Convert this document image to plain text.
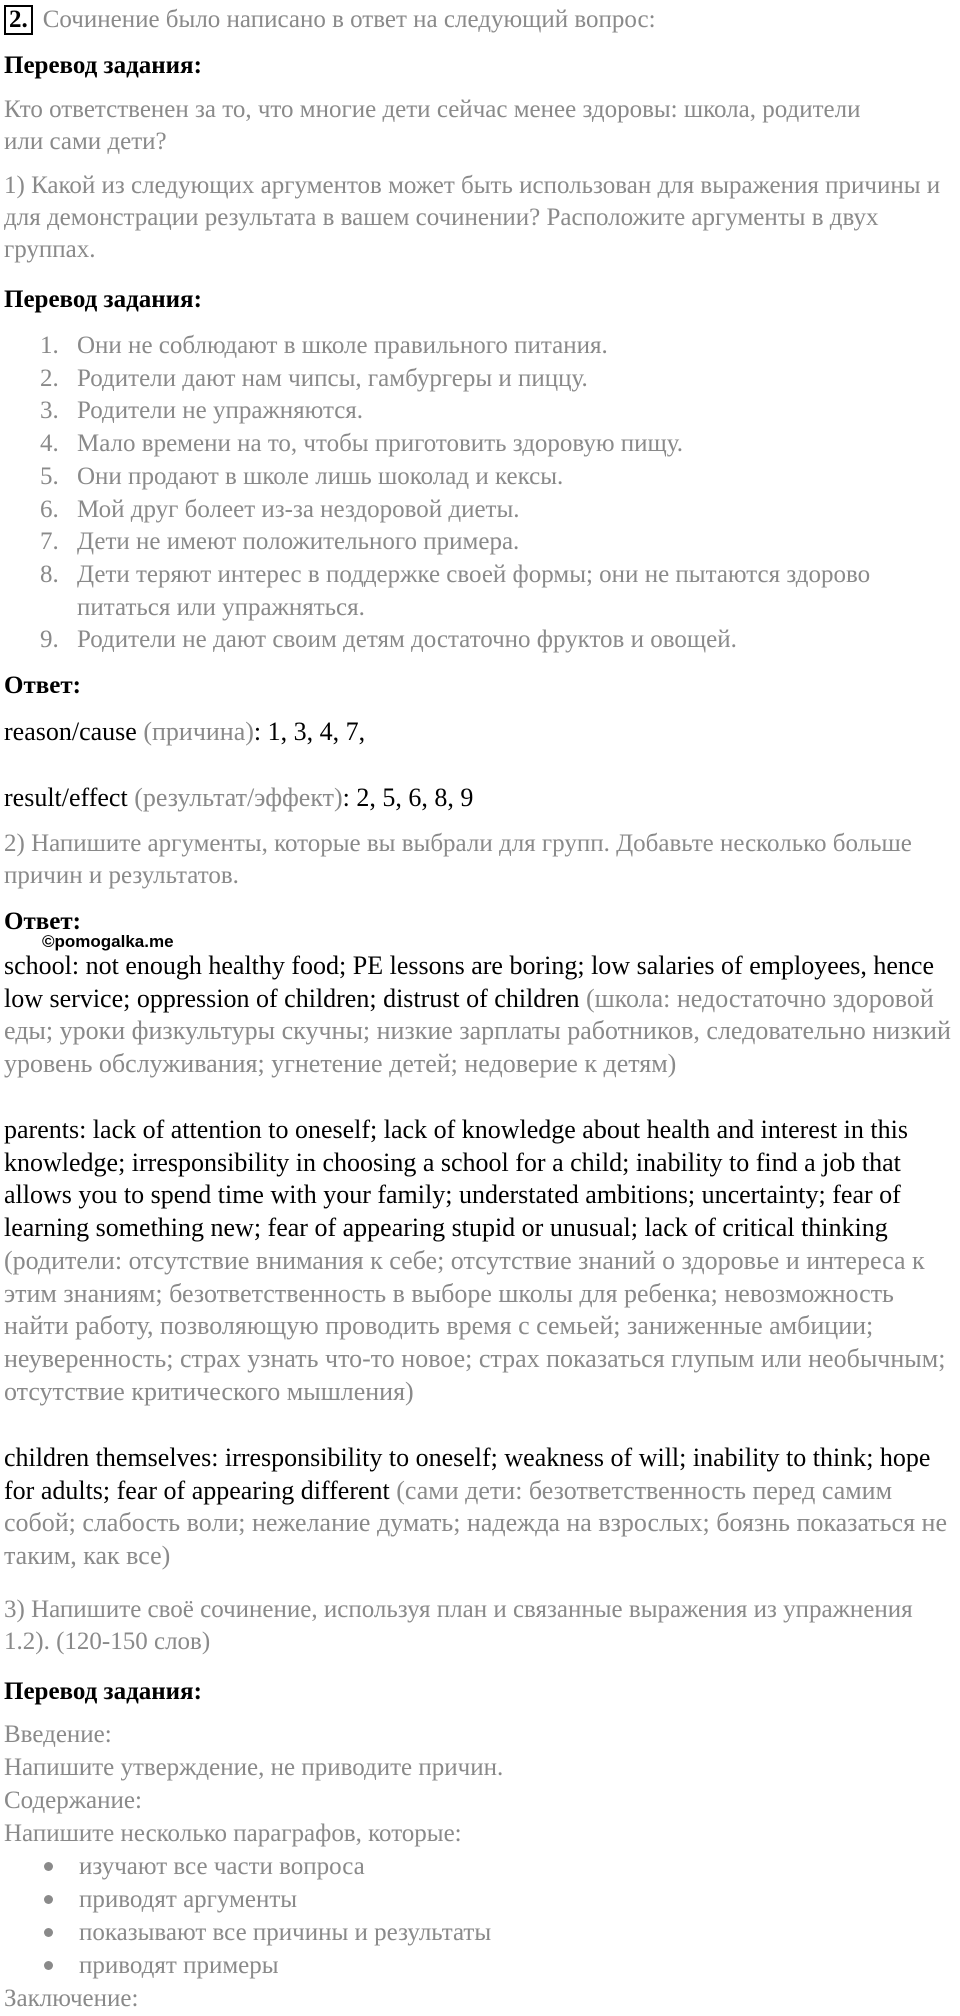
2. Сочинение было написано в ответ на следующий вопрос:

Перевод задания:

Кто ответственен за то, что многие дети сейчас менее здоровы: школа, родители или сами дети?

1) Какой из следующих аргументов может быть использован для выражения причины и для демонстрации результата в вашем сочинении? Расположите аргументы в двух группах.

Перевод задания:

1. Они не соблюдают в школе правильного питания.
2. Родители дают нам чипсы, гамбургеры и пиццу.
3. Родители не упражняются.
4. Мало времени на то, чтобы приготовить здоровую пищу.
5. Они продают в школе лишь шоколад и кексы.
6. Мой друг болеет из-за нездоровой диеты.
7. Дети не имеют положительного примера.
8. Дети теряют интерес в поддержке своей формы; они не пытаются здорово питаться или упражняться.
9. Родители не дают своим детям достаточно фруктов и овощей.

Ответ:

reason/cause (причина): 1, 3, 4, 7,

result/effect (результат/эффект): 2, 5, 6, 8, 9

2) Напишите аргументы, которые вы выбрали для групп. Добавьте несколько больше причин и результатов.

Ответ:

©pomogalka.me

school: not enough healthy food; PE lessons are boring; low salaries of employees, hence low service; oppression of children; distrust of children (школа: недостаточно здоровой еды; уроки физкультуры скучны; низкие зарплаты работников, следовательно низкий уровень обслуживания; угнетение детей; недоверие к детям)

parents: lack of attention to oneself; lack of knowledge about health and interest in this knowledge; irresponsibility in choosing a school for a child; inability to find a job that allows you to spend time with your family; understated ambitions; uncertainty; fear of learning something new; fear of appearing stupid or unusual; lack of critical thinking (родители: отсутствие внимания к себе; отсутствие знаний о здоровье и интереса к этим знаниям; безответственность в выборе школы для ребенка; невозможность найти работу, позволяющую проводить время с семьей; заниженные амбиции; неуверенность; страх узнать что-то новое; страх показаться глупым или необычным; отсутствие критического мышления)

children themselves: irresponsibility to oneself; weakness of will; inability to think; hope for adults; fear of appearing different (сами дети: безответственность перед самим собой; слабость воли; нежелание думать; надежда на взрослых; боязнь показаться не таким, как все)

3) Напишите своё сочинение, используя план и связанные выражения из упражнения 1.2). (120-150 слов)

Перевод задания:

Введение:

Напишите утверждение, не приводите причин.

Содержание:

Напишите несколько параграфов, которые:

изучают все части вопроса
приводят аргументы
показывают все причины и результаты
приводят примеры

Заключение:
